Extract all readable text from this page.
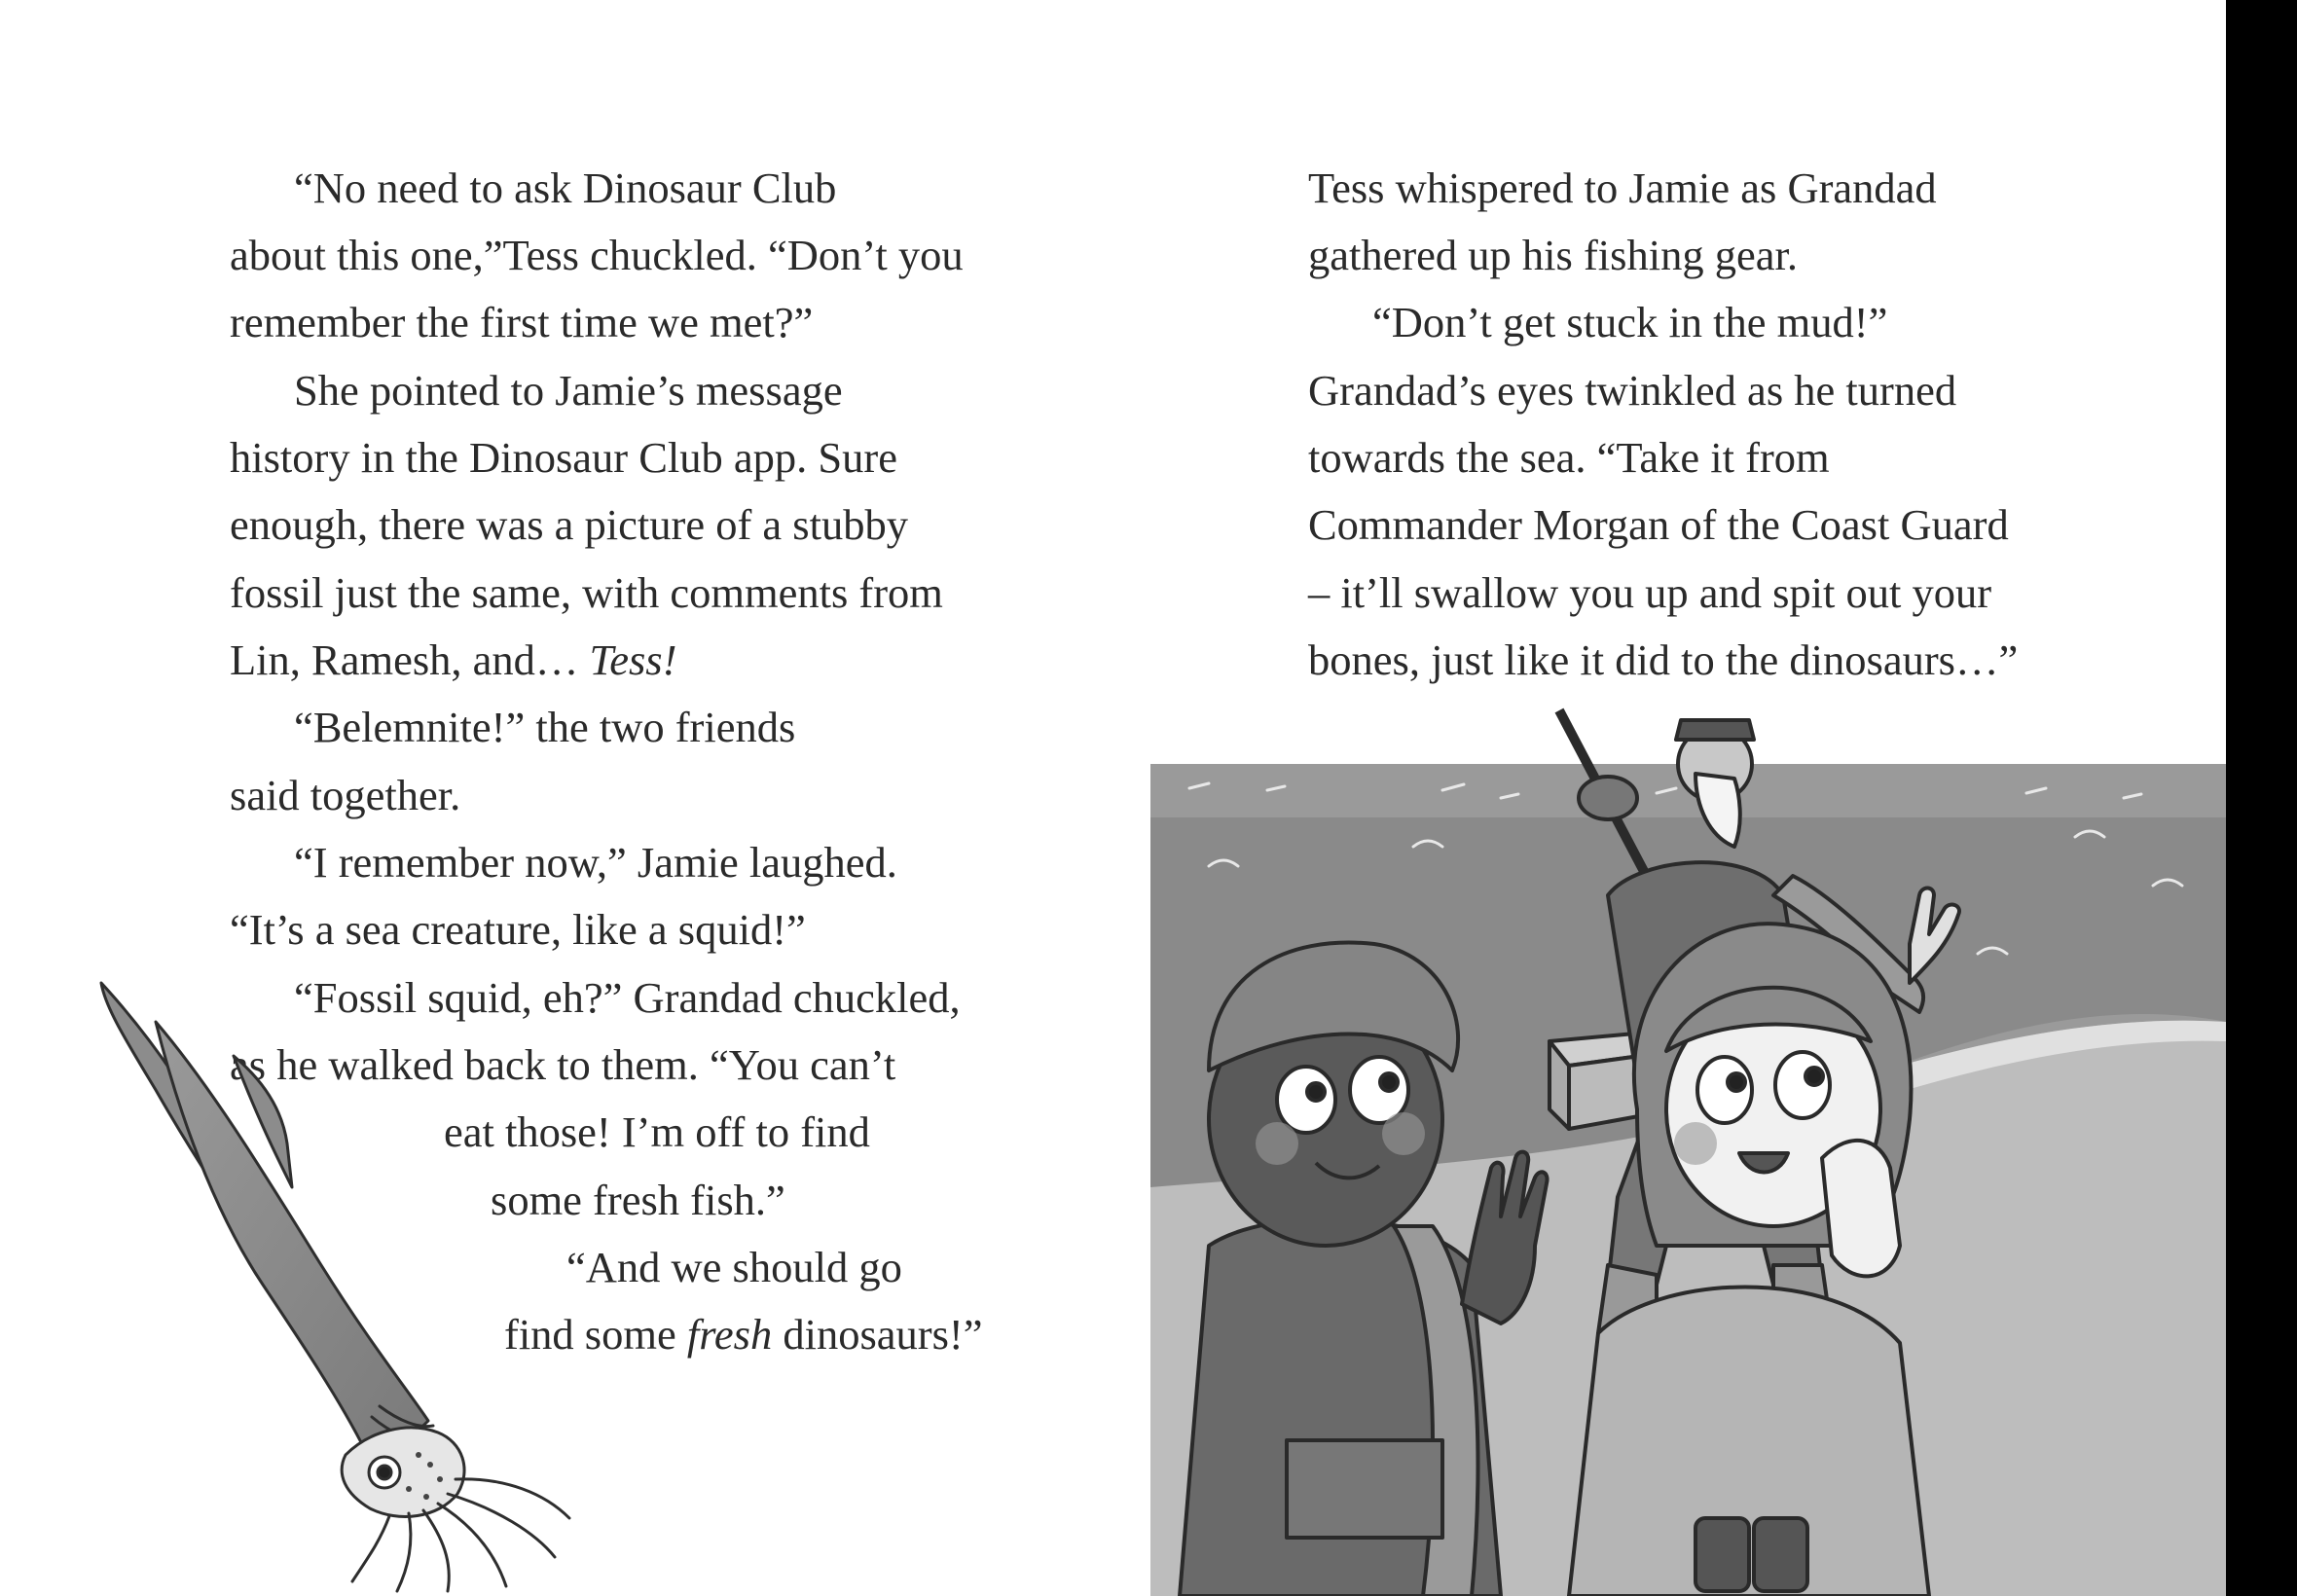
“No need to ask Dinosaur Club
about this one,”Tess chuckled. “Don’t you
remember the first time we met?”
She pointed to Jamie’s message
history in the Dinosaur Club app. Sure
enough, there was a picture of a stubby
fossil just the same, with comments from
Lin, Ramesh, and… Tess!
“Belemnite!” the two friends
said together.
“I remember now,” Jamie laughed.
“It’s a sea creature, like a squid!”
“Fossil squid, eh?” Grandad chuckled,
as he walked back to them. “You can’t
eat those! I’m off to find
some fresh fish.”
“And we should go
find some fresh dinosaurs!”
Tess whispered to Jamie as Grandad
gathered up his fishing gear.
“Don’t get stuck in the mud!”
Grandad’s eyes twinkled as he turned
towards the sea. “Take it from
Commander Morgan of the Coast Guard
– it’ll swallow you up and spit out your
bones, just like it did to the dinosaurs…”
